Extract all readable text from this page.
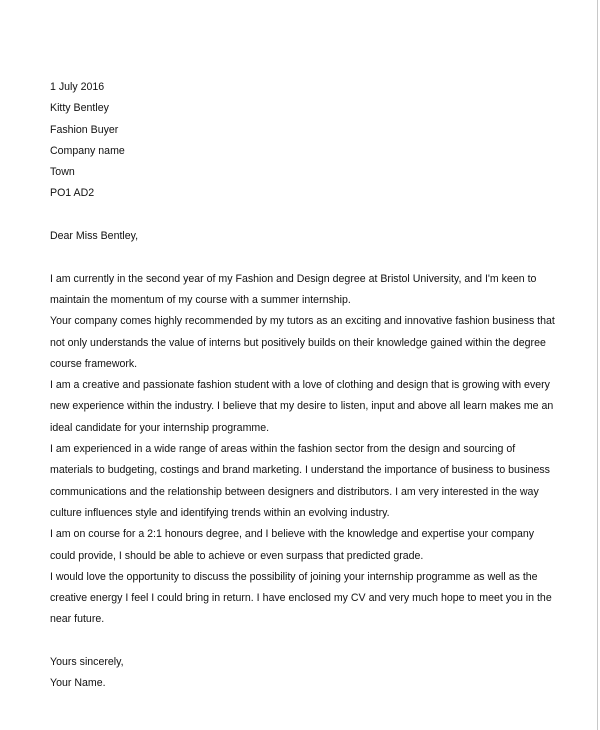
1 July 2016
Kitty Bentley
Fashion Buyer
Company name
Town
PO1 AD2
Dear Miss Bentley,
I am currently in the second year of my Fashion and Design degree at Bristol University, and I'm keen to
maintain the momentum of my course with a summer internship.
Your company comes highly recommended by my tutors as an exciting and innovative fashion business that
not only understands the value of interns but positively builds on their knowledge gained within the degree
course framework.
I am a creative and passionate fashion student with a love of clothing and design that is growing with every
new experience within the industry. I believe that my desire to listen, input and above all learn makes me an
ideal candidate for your internship programme.
I am experienced in a wide range of areas within the fashion sector from the design and sourcing of
materials to budgeting, costings and brand marketing. I understand the importance of business to business
communications and the relationship between designers and distributors. I am very interested in the way
culture influences style and identifying trends within an evolving industry.
I am on course for a 2:1 honours degree, and I believe with the knowledge and expertise your company
could provide, I should be able to achieve or even surpass that predicted grade.
I would love the opportunity to discuss the possibility of joining your internship programme as well as the
creative energy I feel I could bring in return. I have enclosed my CV and very much hope to meet you in the
near future.
Yours sincerely,
Your Name.
